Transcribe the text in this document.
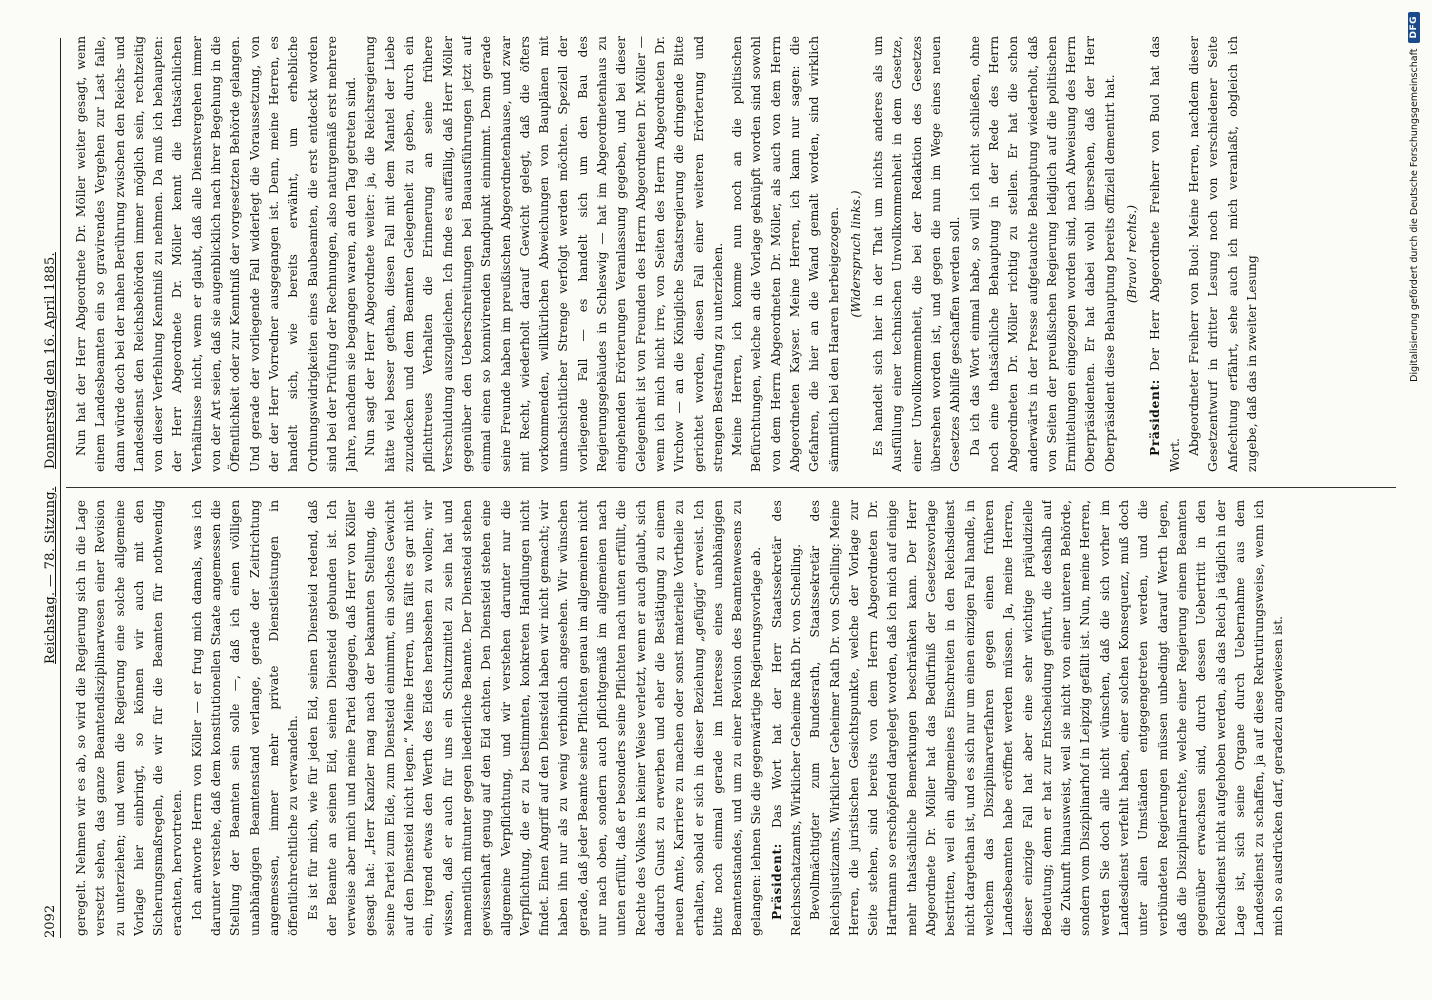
2092
Reichstag. — 78. Sitzung.    Donnerstag den 16. April 1885.

geregelt. Nehmen wir es ab, so wird die Regierung sich in die Lage versetzt sehen, das ganze Beamtendisziplinarwesen einer Revision zu unterziehen; und wenn die Regierung eine solche allgemeine Vorlage hier einbringt, so können wir auch mit den Sicherungsmaßregeln, die wir für die Beamten für nothwendig erachten, hervortreten. Ich antworte Herrn von Köller — er frug mich damals, was ich darunter verstehe, daß dem konstitutionellen Staate angemessen die Stellung der Beamten sein solle —, daß ich einen völligen unabhängigen Beamtenstand verlange, gerade der Zeitrichtung angemessen, immer mehr private Dienstleistungen in öffentlichrechtliche zu verwandeln. Es ist für mich, wie für jeden Eid, seinen Diensteid redend, daß der Beamte an seinen Eid, seinen Diensteid gebunden ist. Ich verweise aber mich und meine Partei dagegen, daß Herr von Köller gesagt hat: „Herr Kanzler mag nach der bekannten Stellung, die seine Partei zum Eide, zum Diensteid einnimmt, ein solches Gewicht auf den Diensteid nicht legen.“ Meine Herren, uns fällt es gar nicht ein, irgend etwas den Werth des Eides herabsehen zu wollen; wir wissen, daß er auch für uns ein Schutzmittel zu sein hat und namentlich mitunter gegen liederliche Beamte. Der Diensteid stehen gewissenhaft genug auf den Eid achten. Den Diensteid stehen eine allgemeine Verpflichtung, und wir verstehen darunter nur die Verpflichtung, die er zu bestimmten, konkreten Handlungen nicht findet. Einen Angriff auf den Diensteid haben wir nicht gemacht; wir haben ihn nur als zu wenig verbindlich angesehen. Wir wünschen gerade, daß jeder Beamte seine Pflichten genau im allgemeinen nicht nur nach oben, sondern auch pflichtgemäß im allgemeinen nach unten erfüllt, daß er besonders seine Pflichten nach unten erfüllt, die Rechte des Volkes in keiner Weise verletzt, wenn er auch glaubt, sich dadurch Gunst zu erwerben und eher die Bestätigung zu einem neuen Amte, Karriere zu machen oder sonst materielle Vortheile zu erhalten, sobald er sich in dieser Beziehung „gefügig“ erweist. Ich bitte noch einmal gerade im Interesse eines unabhängigen Beamtenstandes, und um zu einer Revision des Beamtenwesens zu gelangen: lehnen Sie die gegenwärtige Regierungsvorlage ab. Präsident: Das Wort hat der Herr Staatssekretär des Reichsschatzamts, Wirklicher Geheime Rath Dr. von Schelling. Bevollmächtigter zum Bundesrath, Staatssekretär des Reichsjustizamts, Wirklicher Geheimer Rath Dr. von Schelling: Meine Herren, die juristischen Gesichtspunkte, welche der Vorlage zur Seite stehen, sind bereits von dem Herrn Abgeordneten Dr. Hartmann so erschöpfend dargelegt worden, daß ich mich auf einige mehr thatsächliche Bemerkungen beschränken kann. Der Herr Abgeordnete Dr. Möller hat das Bedürfniß der Gesetzesvorlage bestritten, weil ein allgemeines Einschreiten in den Reichsdienst nicht dargethan ist, und es sich nur um einen einzigen Fall handle, in welchem das Disziplinarverfahren gegen einen früheren Landesbeamten habe eröffnet werden müssen. Ja, meine Herren, dieser einzige Fall hat aber eine sehr wichtige präjudizielle Bedeutung; denn er hat zur Entscheidung geführt, die deshalb auf die Zukunft hinausweist, weil sie nicht von einer unteren Behörde, sondern vom Disziplinarhof in Leipzig gefällt ist. Nun, meine Herren, werden Sie doch alle nicht wünschen, daß die sich vorher im Landesdienst verfehlt haben, einer solchen Konsequenz, muß doch unter allen Umständen entgegengetreten werden, und die verbündeten Regierungen müssen unbedingt darauf Werth legen, daß die Disziplinarrechte, welche einer Regierung einem Beamten gegenüber erwachsen sind, durch dessen Uebertritt in den Reichsdienst nicht aufgehoben werden, als das Reich ja täglich in der Lage ist, sich seine Organe durch Uebernahme aus dem Landesdienst zu schaffen, ja auf diese Rekrutirungsweise, wenn ich mich so ausdrücken darf, geradezu angewiesen ist.

Nun hat der Herr Abgeordnete Dr. Möller weiter gesagt, wenn einem Landesbeamten ein so gravirendes Vergehen zur Last falle, dann würde doch bei der nahen Berührung zwischen den Reichs- und Landesdienst den Reichsbehörden immer möglich sein, rechtzeitig von dieser Verfehlung Kenntniß zu nehmen. Da muß ich behaupten: der Herr Abgeordnete Dr. Möller kennt die thatsächlichen Verhältnisse nicht, wenn er glaubt, daß alle Dienstvergehen immer von der Art seien, daß sie augenblicklich nach ihrer Begehung in die Öffentlichkeit oder zur Kenntniß der vorgesetzten Behörde gelangen. Und gerade der vorliegende Fall widerlegt die Voraussetzung, von der der Herr Vorredner ausgegangen ist. Denn, meine Herren, es handelt sich, wie bereits erwähnt, um erhebliche Ordnungswidrigkeiten eines Baubeamten, die erst entdeckt worden sind bei der Prüfung der Rechnungen, also naturgemäß erst mehrere Jahre, nachdem sie begangen waren, an den Tag getreten sind. Nun sagt der Herr Abgeordnete weiter: ja, die Reichsregierung hätte viel besser gethan, diesen Fall mit dem Mantel der Liebe zuzudecken und dem Beamten Gelegenheit zu geben, durch ein pflichttreues Verhalten die Erinnerung an seine frühere Verschuldung auszugleichen. Ich finde es auffällig, daß Herr Möller gegenüber den Ueberschreitungen bei Bauausführungen jetzt auf einmal einen so konnivirenden Standpunkt einnimmt. Denn gerade seine Freunde haben im preußischen Abgeordnetenhause, und zwar mit Recht, wiederholt darauf Gewicht gelegt, daß die öfters vorkommenden, willkürlichen Abweichungen von Bauplänen mit unnachsichtlicher Strenge verfolgt werden möchten. Speziell der vorliegende Fall — es handelt sich um den Bau des Regierungsgebäudes in Schleswig — hat im Abgeordnetenhaus zu eingehenden Erörterungen Veranlassung gegeben, und bei dieser Gelegenheit ist von Freunden des Herrn Abgeordneten Dr. Möller — wenn ich mich nicht irre, von Seiten des Herrn Abgeordneten Dr. Virchow — an die Königliche Staatsregierung die dringende Bitte gerichtet worden, diesen Fall einer weiteren Erörterung und strengen Bestrafung zu unterziehen. Meine Herren, ich komme nun noch an die politischen Befürchtungen, welche an die Vorlage geknüpft worden sind sowohl von dem Herrn Abgeordneten Dr. Möller, als auch von dem Herrn Abgeordneten Kayser. Meine Herren, ich kann nur sagen: die Gefahren, die hier an die Wand gemalt worden, sind wirklich sämmtlich bei den Haaren herbeigezogen. (Widerspruch links.) Es handelt sich hier in der That um nichts anderes als um Ausfüllung einer technischen Unvollkommenheit in dem Gesetze, einer Unvollkommenheit, die bei der Redaktion des Gesetzes übersehen worden ist, und gegen die nun im Wege eines neuen Gesetzes Abhilfe geschaffen werden soll. Da ich das Wort einmal habe, so will ich nicht schließen, ohne noch eine thatsächliche Behauptung in der Rede des Herrn Abgeordneten Dr. Möller richtig zu stellen. Er hat die schon anderwärts in der Presse aufgetauchte Behauptung wiederholt, daß von Seiten der preußischen Regierung lediglich auf die politischen Ermittelungen eingezogen worden sind, nach Abweisung des Herrn Oberpräsidenten. Er hat dabei wohl übersehen, daß der Herr Oberpräsident diese Behauptung bereits offiziell dementirt hat. (Bravo! rechts.)

Präsident: Der Herr Abgeordnete Freiherr von Buol hat das Wort. Abgeordneter Freiherr von Buol: Meine Herren, nachdem dieser Gesetzentwurf in dritter Lesung noch von verschiedener Seite Anfechtung erfährt, sehe auch ich mich veranlaßt, obgleich ich zugebe, daß das in zweiter Lesung	Digitalisierung gefördert durch die Deutsche Forschungsgemeinschaft
DFG
